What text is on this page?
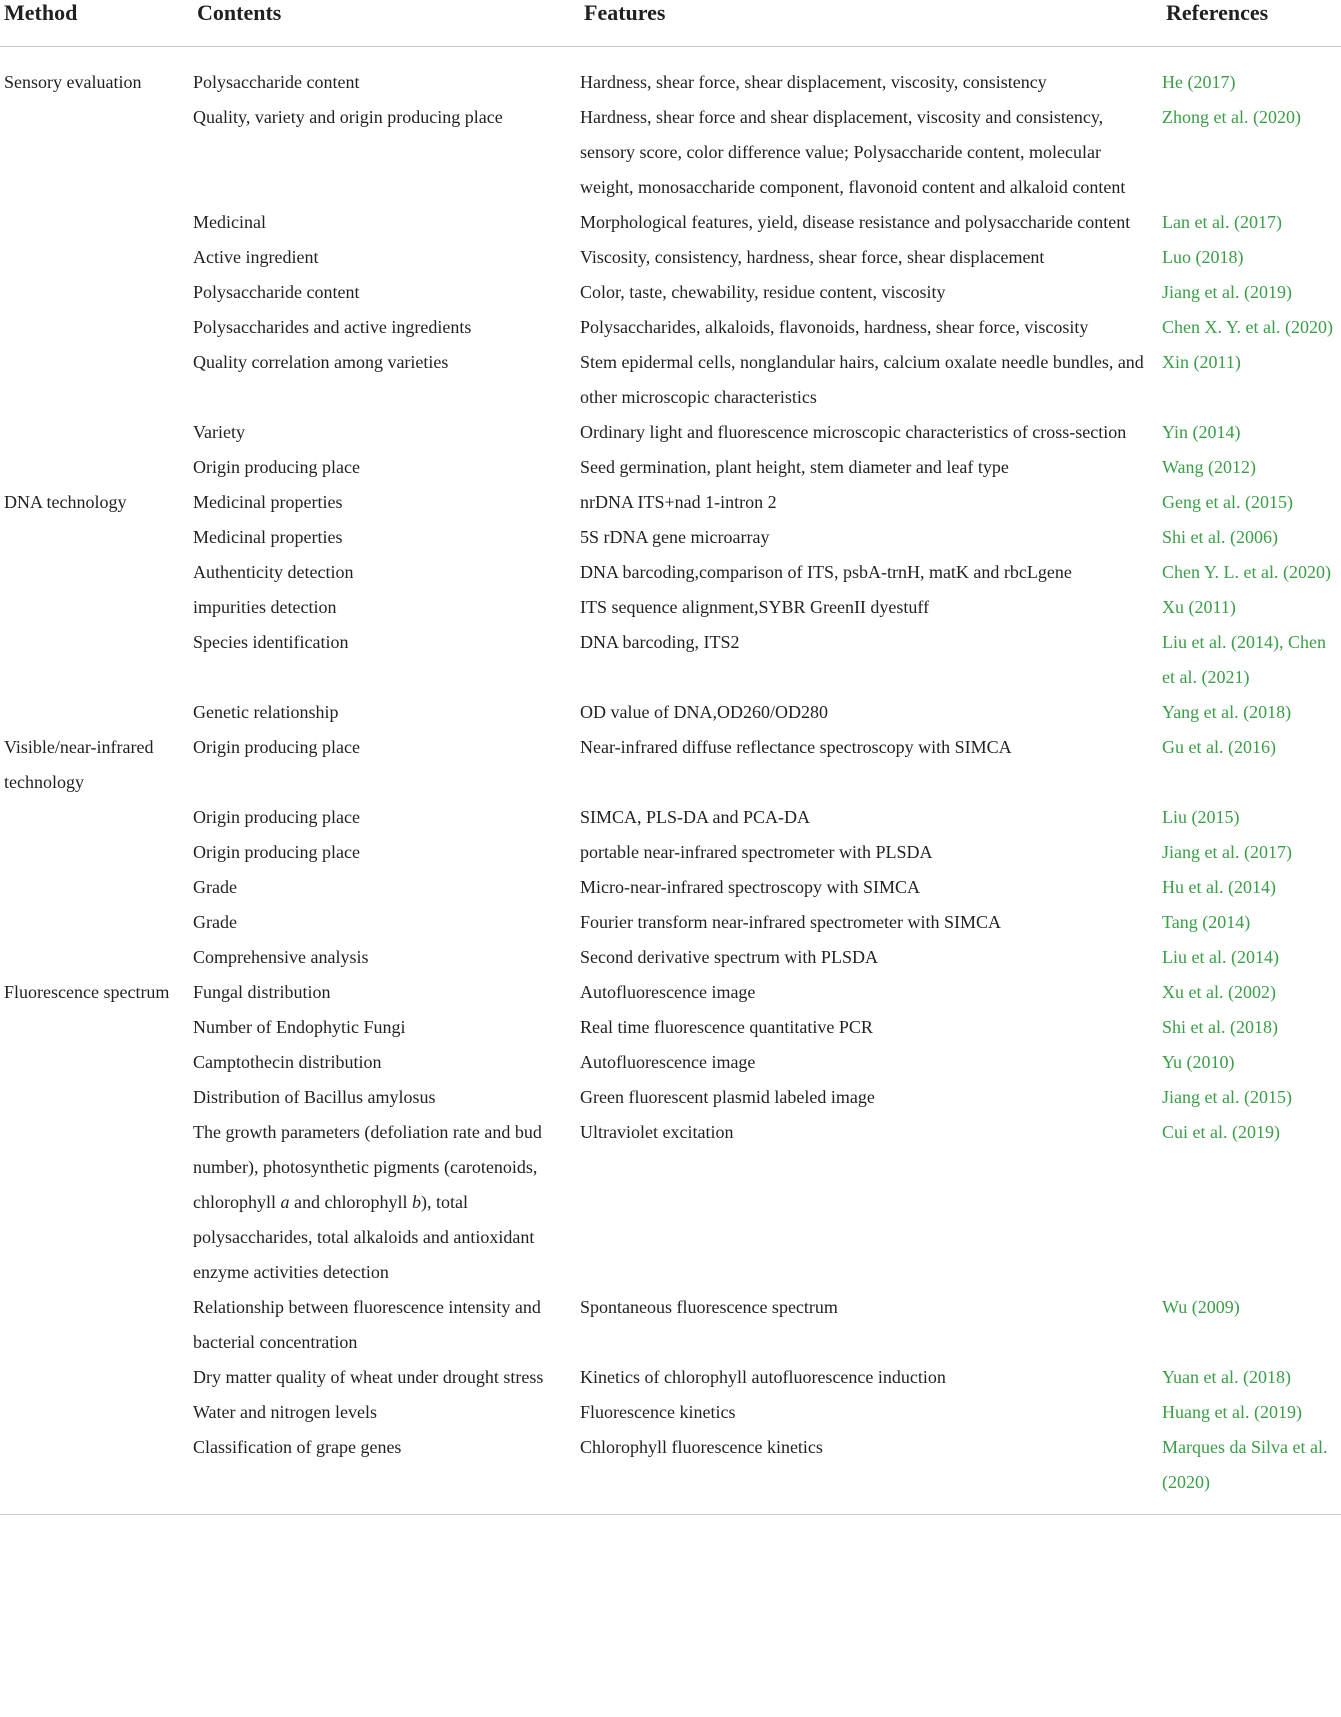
Method	Contents	Features	References
Sensory evaluation	Polysaccharide content	Hardness, shear force, shear displacement, viscosity, consistency	He (2017)
	Quality, variety and origin producing place	Hardness, shear force and shear displacement, viscosity and consistency, sensory score, color difference value; Polysaccharide content, molecular weight, monosaccharide component, flavonoid content and alkaloid content	Zhong et al. (2020)
	Medicinal	Morphological features, yield, disease resistance and polysaccharide content	Lan et al. (2017)
	Active ingredient	Viscosity, consistency, hardness, shear force, shear displacement	Luo (2018)
	Polysaccharide content	Color, taste, chewability, residue content, viscosity	Jiang et al. (2019)
	Polysaccharides and active ingredients	Polysaccharides, alkaloids, flavonoids, hardness, shear force, viscosity	Chen X. Y. et al. (2020)
	Quality correlation among varieties	Stem epidermal cells, nonglandular hairs, calcium oxalate needle bundles, and other microscopic characteristics	Xin (2011)
	Variety	Ordinary light and fluorescence microscopic characteristics of cross-section	Yin (2014)
	Origin producing place	Seed germination, plant height, stem diameter and leaf type	Wang (2012)
DNA technology	Medicinal properties	nrDNA ITS+nad 1-intron 2	Geng et al. (2015)
	Medicinal properties	5S rDNA gene microarray	Shi et al. (2006)
	Authenticity detection	DNA barcoding,comparison of ITS, psbA-trnH, matK and rbcLgene	Chen Y. L. et al. (2020)
	impurities detection	ITS sequence alignment,SYBR GreenII dyestuff	Xu (2011)
	Species identification	DNA barcoding, ITS2	Liu et al. (2014), Chen et al. (2021)
	Genetic relationship	OD value of DNA,OD260/OD280	Yang et al. (2018)
Visible/near-infrared technology	Origin producing place	Near-infrared diffuse reflectance spectroscopy with SIMCA	Gu et al. (2016)
	Origin producing place	SIMCA, PLS-DA and PCA-DA	Liu (2015)
	Origin producing place	portable near-infrared spectrometer with PLSDA	Jiang et al. (2017)
	Grade	Micro-near-infrared spectroscopy with SIMCA	Hu et al. (2014)
	Grade	Fourier transform near-infrared spectrometer with SIMCA	Tang (2014)
	Comprehensive analysis	Second derivative spectrum with PLSDA	Liu et al. (2014)
Fluorescence spectrum	Fungal distribution	Autofluorescence image	Xu et al. (2002)
	Number of Endophytic Fungi	Real time fluorescence quantitative PCR	Shi et al. (2018)
	Camptothecin distribution	Autofluorescence image	Yu (2010)
	Distribution of Bacillus amylosus	Green fluorescent plasmid labeled image	Jiang et al. (2015)
	The growth parameters (defoliation rate and bud number), photosynthetic pigments (carotenoids, chlorophyll a and chlorophyll b), total polysaccharides, total alkaloids and antioxidant enzyme activities detection	Ultraviolet excitation	Cui et al. (2019)
	Relationship between fluorescence intensity and bacterial concentration	Spontaneous fluorescence spectrum	Wu (2009)
	Dry matter quality of wheat under drought stress	Kinetics of chlorophyll autofluorescence induction	Yuan et al. (2018)
	Water and nitrogen levels	Fluorescence kinetics	Huang et al. (2019)
	Classification of grape genes	Chlorophyll fluorescence kinetics	Marques da Silva et al. (2020)
